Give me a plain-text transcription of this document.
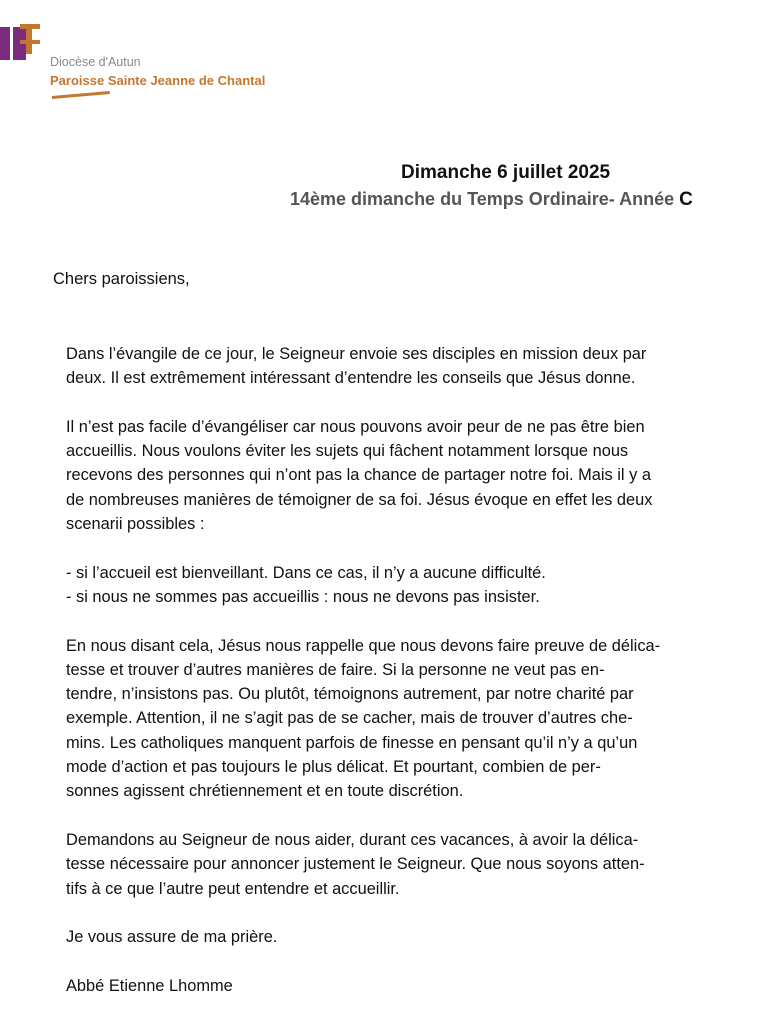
Diocèse d'Autun
Paroisse Sainte Jeanne de Chantal
Dimanche 6 juillet 2025
14ème dimanche du Temps Ordinaire- Année C
Chers paroissiens,
Dans l’évangile de ce jour, le Seigneur envoie ses disciples en mission deux par
deux. Il est extrêmement intéressant d’entendre les conseils que Jésus donne.
Il n’est pas facile d’évangéliser car nous pouvons avoir peur de ne pas être bien
accueillis. Nous voulons éviter les sujets qui fâchent notamment lorsque nous
recevons des personnes qui n’ont pas la chance de partager notre foi. Mais il y a
de nombreuses manières de témoigner de sa foi. Jésus évoque en effet les deux
scenarii possibles :
- si l’accueil est bienveillant. Dans ce cas, il n’y a aucune difficulté.
- si nous ne sommes pas accueillis : nous ne devons pas insister.
En nous disant cela, Jésus nous rappelle que nous devons faire preuve de délica-
tesse et trouver d’autres manières de faire. Si la personne ne veut pas en-
tendre, n’insistons pas. Ou plutôt, témoignons autrement, par notre charité par
exemple. Attention, il ne s’agit pas de se cacher, mais de trouver d’autres che-
mins. Les catholiques manquent parfois de finesse en pensant qu’il n’y a qu’un
mode d’action et pas toujours le plus délicat. Et pourtant, combien de per-
sonnes agissent chrétiennement et en toute discrétion.
Demandons au Seigneur de nous aider, durant ces vacances, à avoir la délica-
tesse nécessaire pour annoncer justement le Seigneur. Que nous soyons atten-
tifs à ce que l’autre peut entendre et accueillir.
Je vous assure de ma prière.
Abbé Etienne Lhomme
